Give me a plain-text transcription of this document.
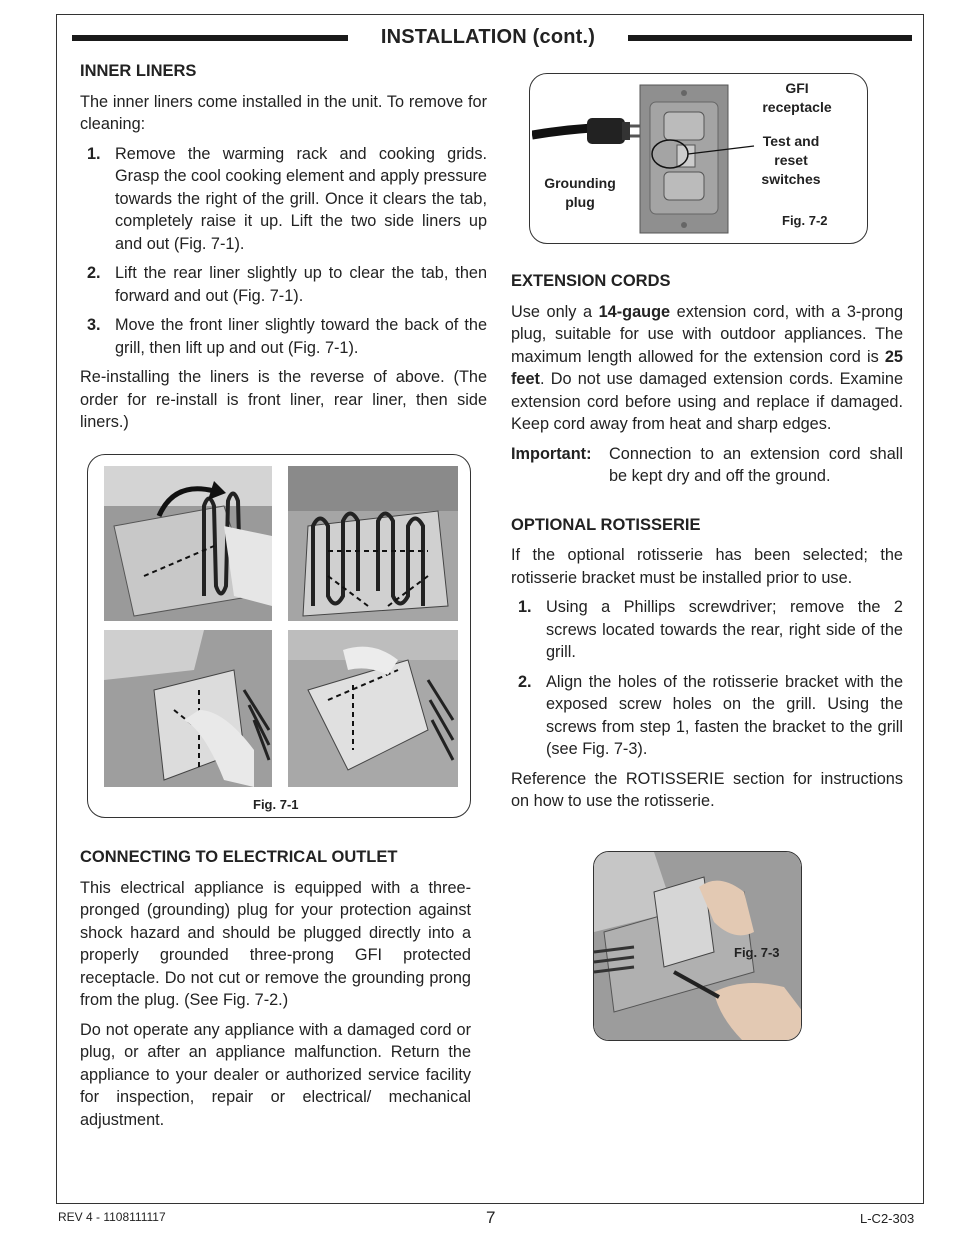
INSTALLATION (cont.)
INNER LINERS

The inner liners come installed in the unit. To remove for cleaning:

1. Remove the warming rack and cooking grids. Grasp the cool cooking element and apply pressure towards the right of the grill. Once it clears the tab, completely raise it up. Lift the two side liners up and out (Fig. 7-1).
2. Lift the rear liner slightly up to clear the tab, then forward and out (Fig. 7-1).
3. Move the front liner slightly toward the back of the grill, then lift up and out (Fig. 7-1).

Re-installing the liners is the reverse of above. (The order for re-install is front liner, rear liner, then side liners.)

Fig. 7-1
CONNECTING TO ELECTRICAL OUTLET

This electrical appliance is equipped with a three-pronged (grounding) plug for your protection against shock hazard and should be plugged directly into a properly grounded three-prong GFI protected receptacle. Do not cut or remove the grounding prong from the plug. (See Fig. 7-2.)

Do not operate any appliance with a damaged cord or plug, or after an appliance malfunction. Return the appliance to your dealer or authorized service facility for inspection, repair or electrical/ mechanical adjustment.

GFI
receptacle
Test and
reset
switches
Grounding
plug
Fig. 7-2
EXTENSION CORDS

Use only a 14-gauge extension cord, with a 3-prong plug, suitable for use with outdoor appliances. The maximum length allowed for the extension cord is 25 feet. Do not use damaged extension cords. Examine extension cord before using and replace if damaged. Keep cord away from heat and sharp edges.

Important:	Connection to an extension cord shall be kept dry and off the ground.
OPTIONAL ROTISSERIE

If the optional rotisserie has been selected; the rotisserie bracket must be installed prior to use.

1. Using a Phillips screwdriver; remove the 2 screws located towards the rear, right side of the grill.
2. Align the holes of the rotisserie bracket with the exposed screw holes on the grill. Using the screws from step 1, fasten the bracket to the grill (see Fig. 7-3).

Reference the ROTISSERIE section for instructions on how to use the rotisserie.

Fig. 7-3
REV 4 - 1108111117	7	L-C2-303
